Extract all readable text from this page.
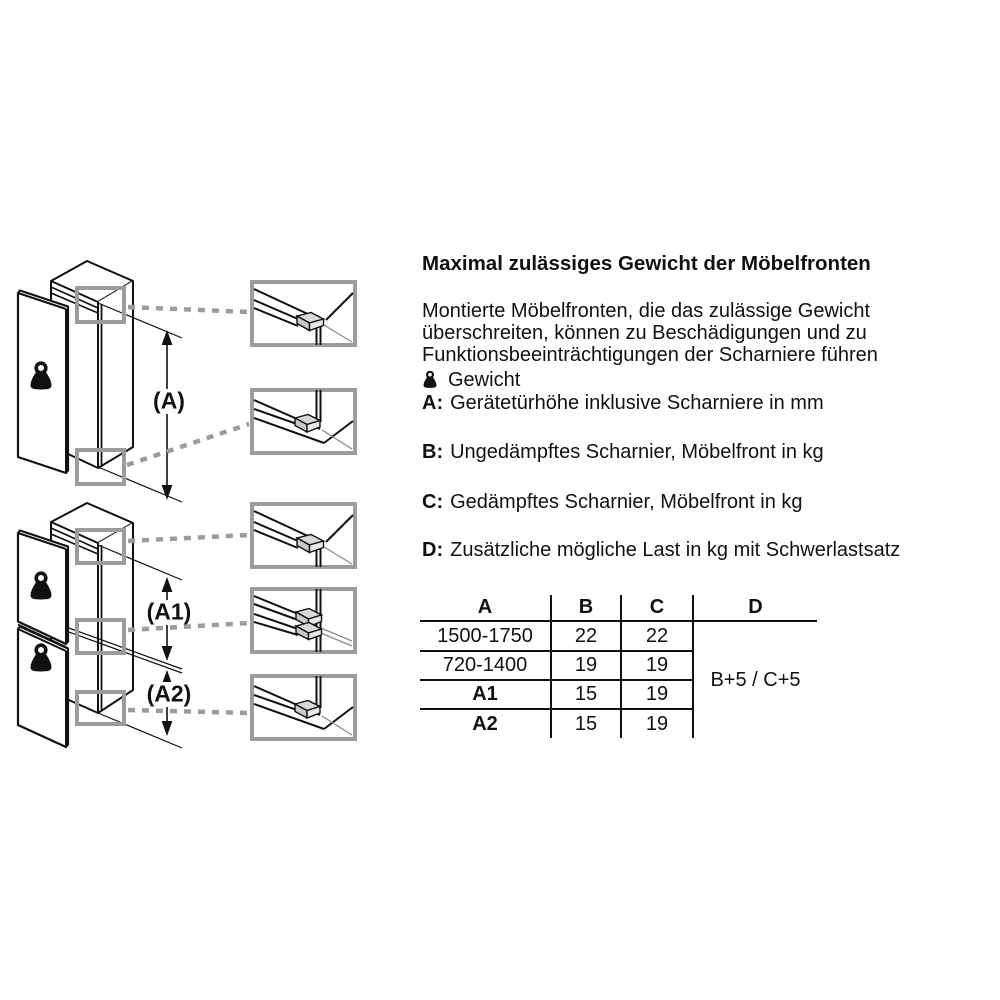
(A)
(A1)
(A2)
Maximal zulässiges Gewicht der Möbelfronten
Montierte Möbelfronten, die das zulässige Gewicht
überschreiten, können zu Beschädigungen und zu
Funktionsbeeinträchtigungen der Scharniere führen
Gewicht
A: Gerätetürhöhe inklusive Scharniere in mm
B: Ungedämpftes Scharnier, Möbelfront in kg
C: Gedämpftes Scharnier, Möbelfront in kg
D: Zusätzliche mögliche Last in kg mit Schwerlastsatz
A	B	C	D
B+5 / C+5
1500-1750	22	22
720-1400	19	19
A1	15	19
A2	15	19
